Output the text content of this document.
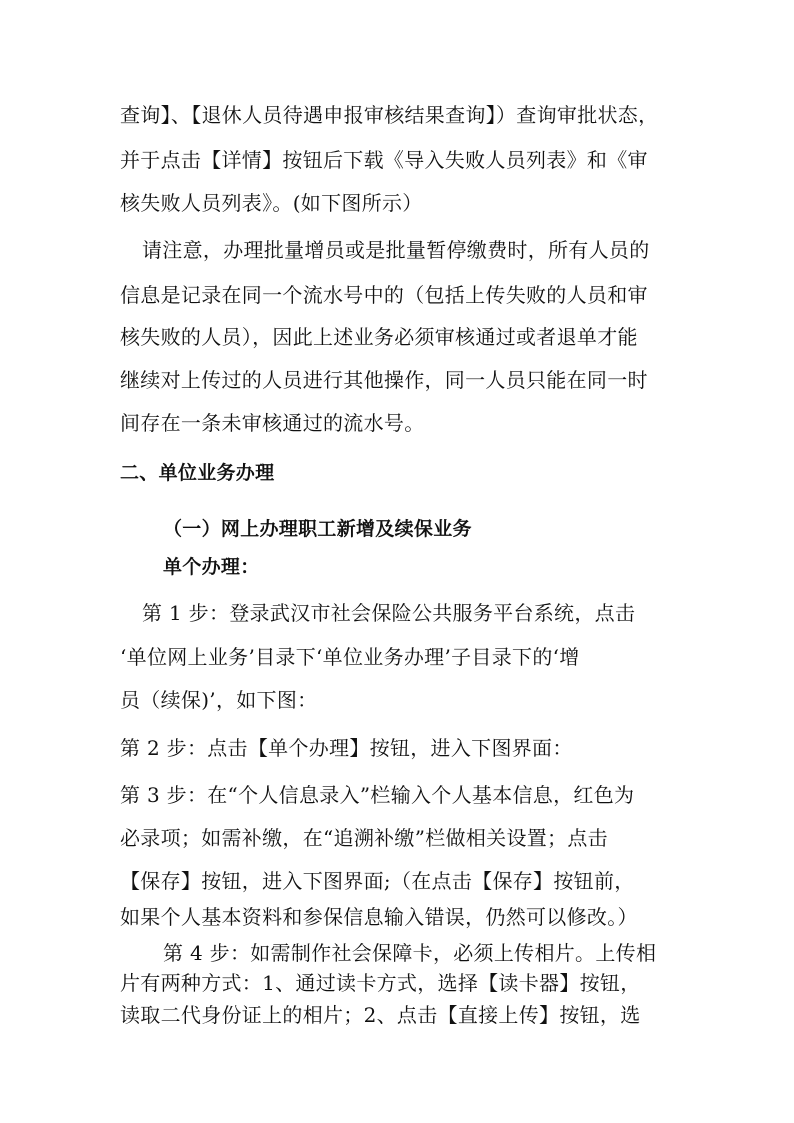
查询】、【退休人员待遇申报审核结果查询】）查询审批状态，
并于点击【详情】按钮后下载《导入失败人员列表》和《审
核失败人员列表》。(如下图所示）
请注意，办理批量增员或是批量暂停缴费时，所有人员的
信息是记录在同一个流水号中的（包括上传失败的人员和审
核失败的人员），因此上述业务必须审核通过或者退单才能
继续对上传过的人员进行其他操作，同一人员只能在同一时
间存在一条未审核通过的流水号。
二、单位业务办理
（一）网上办理职工新增及续保业务
单个办理：
第 1 步：登录武汉市社会保险公共服务平台系统，点击
‘单位网上业务’目录下‘单位业务办理’子目录下的‘增
员（续保)’，如下图：
第 2 步：点击【单个办理】按钮，进入下图界面：
第 3 步：在“个人信息录入”栏输入个人基本信息，红色为
必录项；如需补缴，在“追溯补缴”栏做相关设置；点击
【保存】按钮，进入下图界面;（在点击【保存】按钮前，
如果个人基本资料和参保信息输入错误，仍然可以修改。）
第 4 步：如需制作社会保障卡，必须上传相片。上传相
片有两种方式：1、通过读卡方式，选择【读卡器】按钮，
读取二代身份证上的相片；2、点击【直接上传】按钮，选
